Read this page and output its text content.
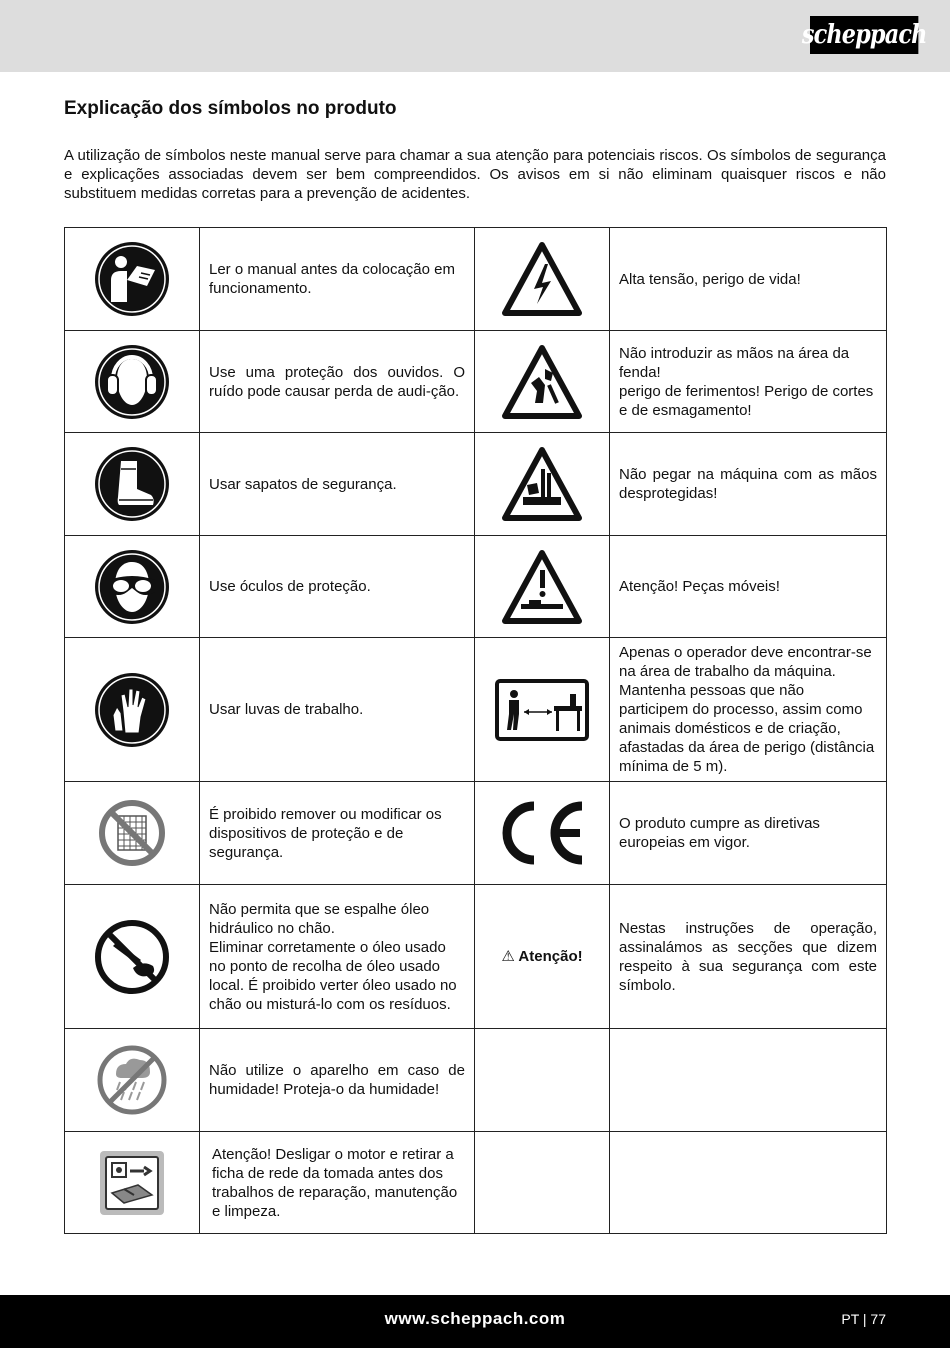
scheppach
Explicação dos símbolos no produto

A utilização de símbolos neste manual serve para chamar a sua atenção para potenciais riscos. Os símbolos de segurança e explicações associadas devem ser bem compreendidos. Os avisos em si não eliminam quaisquer riscos e não substituem medidas corretas para a prevenção de acidentes.

	Ler o manual antes da colocação em funcionamento.		Alta tensão, perigo de vida!

	Use uma proteção dos ouvidos. O ruído pode causar perda de audi-ção.		Não introduzir as mãos na área da fenda!
perigo de ferimentos! Perigo de cortes e de esmagamento!

	Usar sapatos de segurança.		Não pegar na máquina com as mãos desprotegidas!

	Use óculos de proteção.		Atenção! Peças móveis!

	Usar luvas de trabalho.		Apenas o operador deve encontrar-se na área de trabalho da máquina. Mantenha pessoas que não participem do processo, assim como animais domésticos e de criação, afastadas da área de perigo (distância mínima de 5 m).

	É proibido remover ou modificar os dispositivos de proteção e de segurança.		O produto cumpre as diretivas europeias em vigor.

	Não permita que se espalhe óleo hidráulico no chão.
Eliminar corretamente o óleo usado no ponto de recolha de óleo usado local. É proibido verter óleo usado no chão ou misturá-lo com os resíduos.	⚠ Atenção!	Nestas instruções de operação, assinalámos as secções que dizem respeito à sua segurança com este símbolo.

	Não utilize o aparelho em caso de humidade! Proteja-o da humidade!		

	Atenção! Desligar o motor e retirar a ficha de rede da tomada antes dos trabalhos de reparação, manutenção e limpeza.		
www.scheppach.com	PT | 77
